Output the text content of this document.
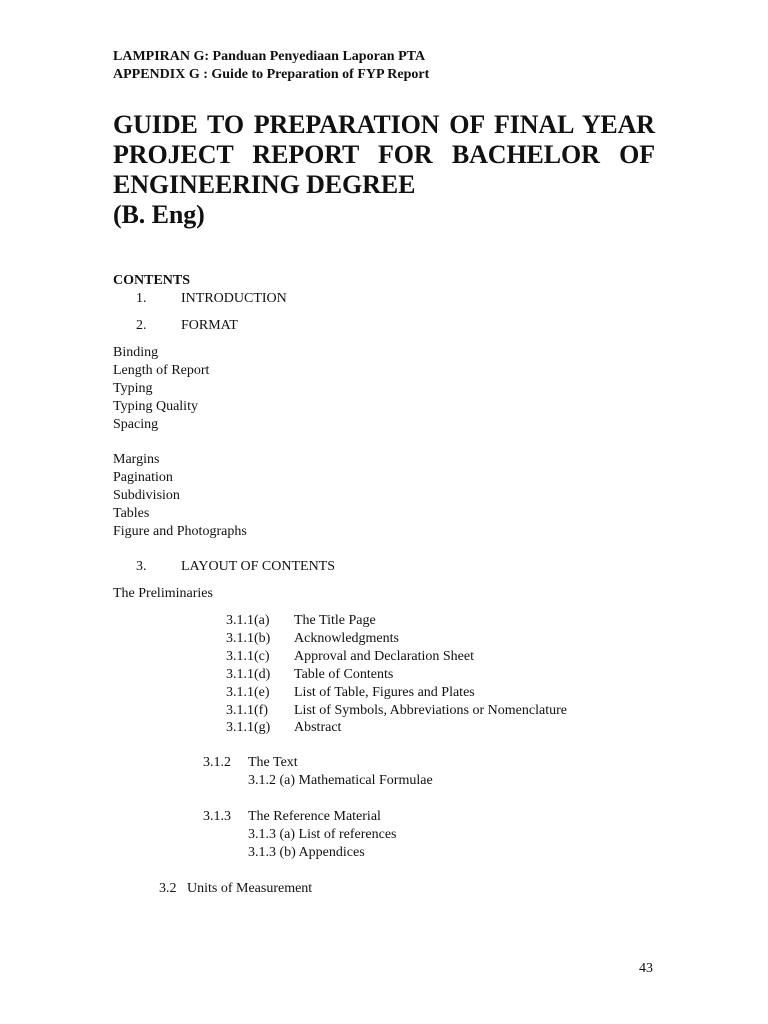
LAMPIRAN G: Panduan Penyediaan Laporan PTA
APPENDIX G : Guide to Preparation of FYP Report
GUIDE TO PREPARATION OF FINAL YEAR
PROJECT REPORT FOR BACHELOR OF
ENGINEERING DEGREE
(B. Eng)
CONTENTS
1. INTRODUCTION
2. FORMAT
Binding
Length of Report
Typing
Typing Quality
Spacing
Margins
Pagination
Subdivision
Tables
Figure and Photographs
3. LAYOUT OF CONTENTS
The Preliminaries
3.1.1(a) The Title Page
3.1.1(b) Acknowledgments
3.1.1(c) Approval and Declaration Sheet
3.1.1(d) Table of Contents
3.1.1(e) List of Table, Figures and Plates
3.1.1(f) List of Symbols, Abbreviations or Nomenclature
3.1.1(g) Abstract
3.1.2 The Text
3.1.2 (a) Mathematical Formulae
3.1.3 The Reference Material
3.1.3 (a) List of references
3.1.3 (b) Appendices
3.2   Units of Measurement
43
